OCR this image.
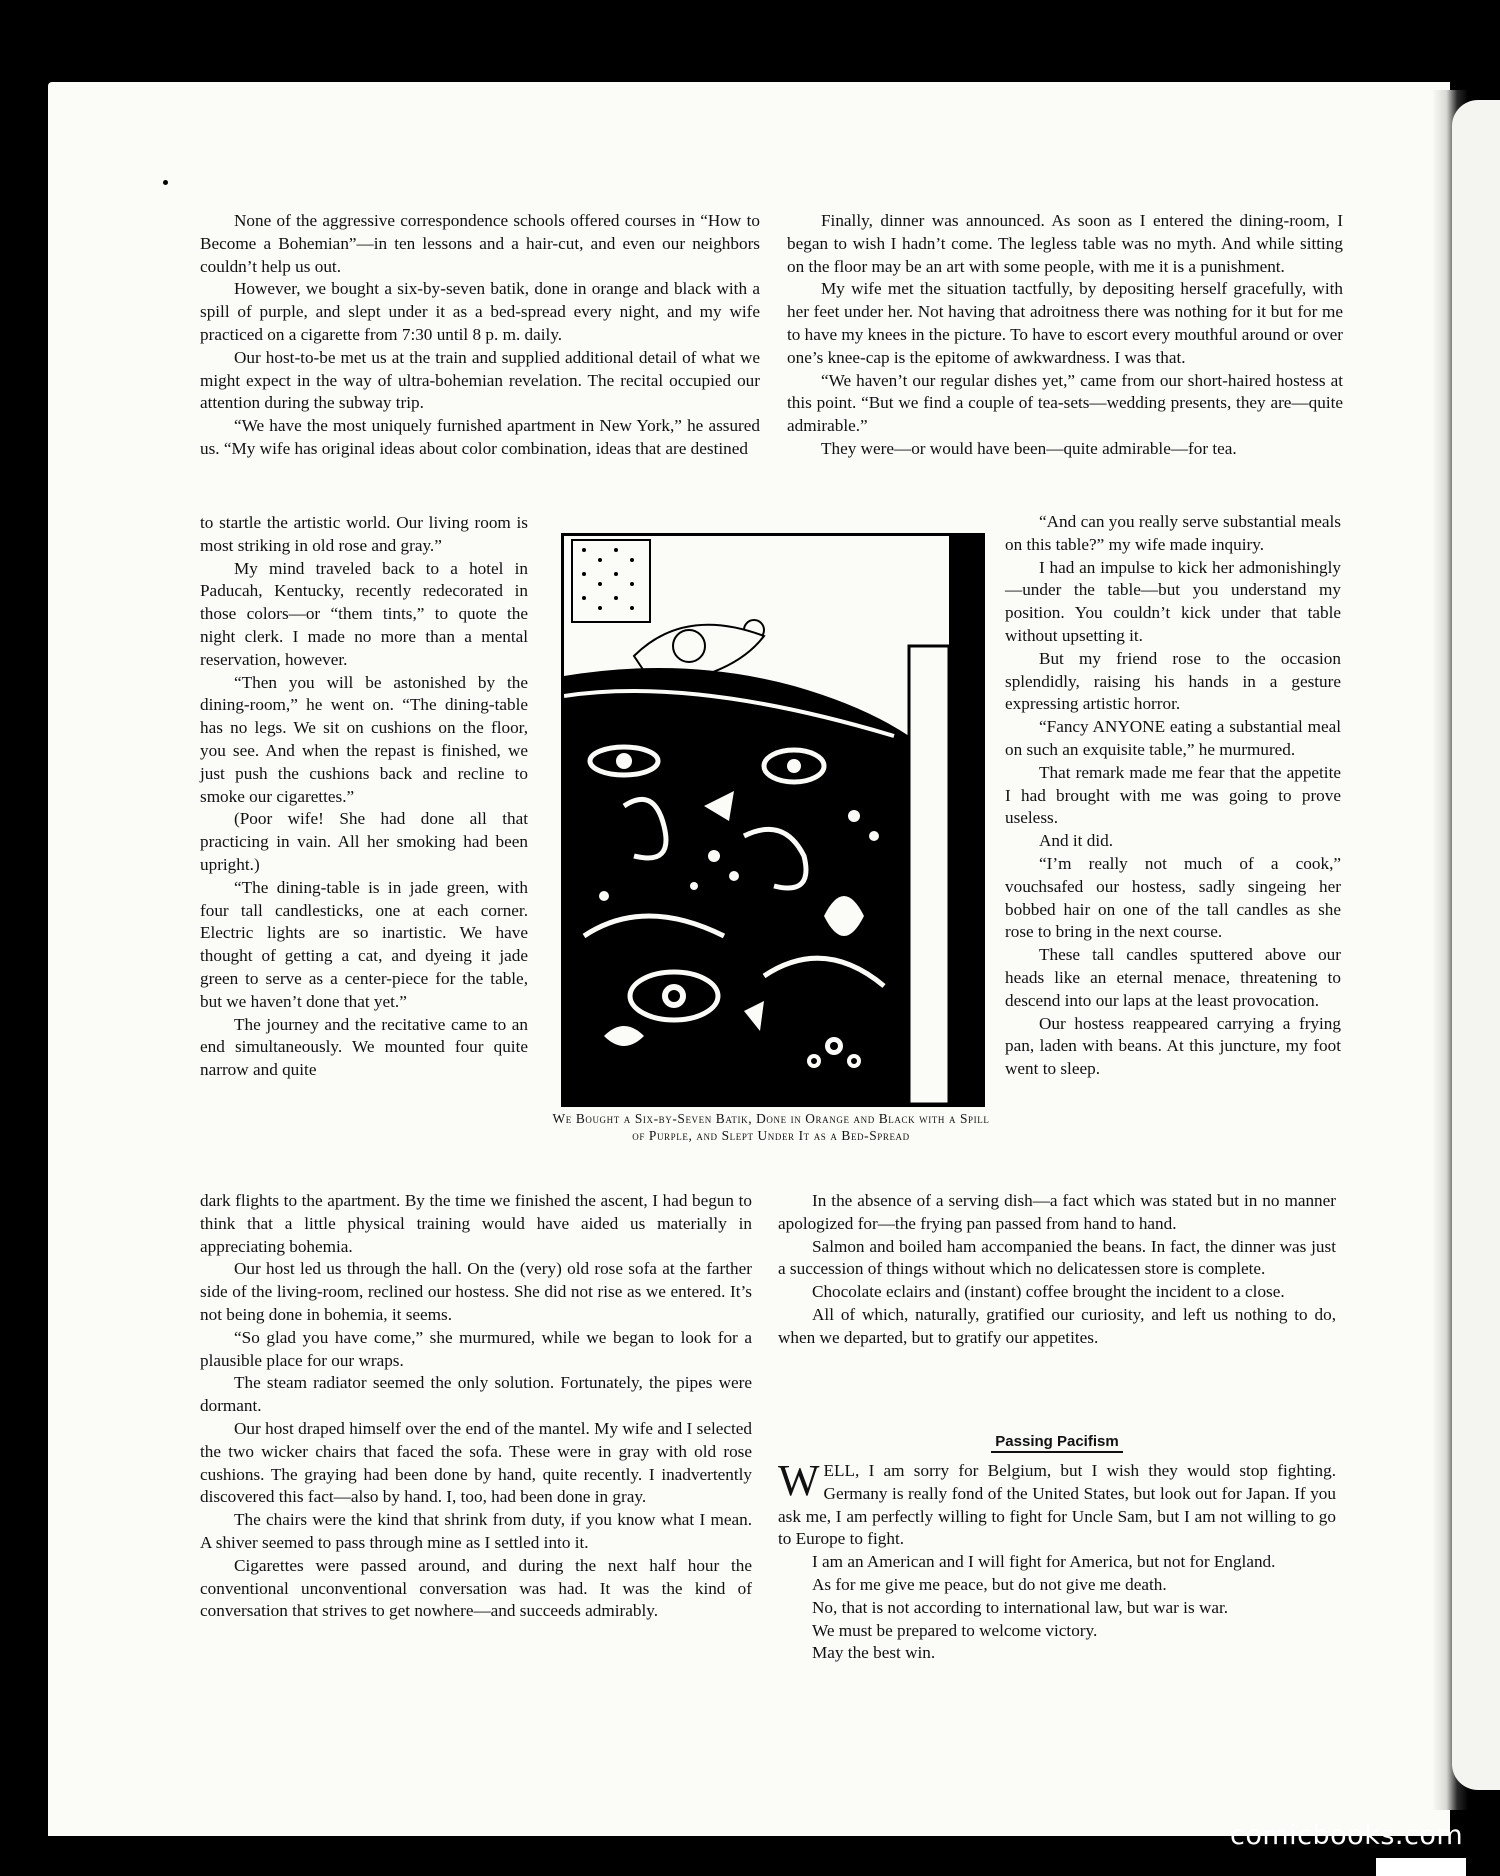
None of the aggressive correspondence schools offered courses in “How to Become a Bohemian”—in ten lessons and a hair-cut, and even our neighbors couldn’t help us out.

However, we bought a six-by-seven batik, done in orange and black with a spill of purple, and slept under it as a bed-spread every night, and my wife practiced on a cigarette from 7:30 until 8 p. m. daily.

Our host-to-be met us at the train and supplied additional detail of what we might expect in the way of ultra-bohemian revelation. The recital occupied our attention during the subway trip.

“We have the most uniquely furnished apartment in New York,” he assured us. “My wife has original ideas about color combination, ideas that are destined

to startle the artistic world. Our living room is most striking in old rose and gray.”

My mind traveled back to a hotel in Paducah, Kentucky, recently redecorated in those colors—or “them tints,” to quote the night clerk. I made no more than a mental reservation, however.

“Then you will be astonished by the dining-room,” he went on. “The dining-table has no legs. We sit on cushions on the floor, you see. And when the repast is finished, we just push the cushions back and recline to smoke our cigarettes.”

(Poor wife! She had done all that practicing in vain. All her smoking had been upright.)

“The dining-table is in jade green, with four tall candlesticks, one at each corner. Electric lights are so inartistic. We have thought of getting a cat, and dyeing it jade green to serve as a center-piece for the table, but we haven’t done that yet.”

The journey and the recitative came to an end simultaneously. We mounted four quite narrow and quite

dark flights to the apartment. By the time we finished the ascent, I had begun to think that a little physical training would have aided us materially in appreciating bohemia.

Our host led us through the hall. On the (very) old rose sofa at the farther side of the living-room, reclined our hostess. She did not rise as we entered. It’s not being done in bohemia, it seems.

“So glad you have come,” she murmured, while we began to look for a plausible place for our wraps.

The steam radiator seemed the only solution. Fortunately, the pipes were dormant.

Our host draped himself over the end of the mantel. My wife and I selected the two wicker chairs that faced the sofa. These were in gray with old rose cushions. The graying had been done by hand, quite recently. I inadvertently discovered this fact—also by hand. I, too, had been done in gray.

The chairs were the kind that shrink from duty, if you know what I mean. A shiver seemed to pass through mine as I settled into it.

Cigarettes were passed around, and during the next half hour the conventional unconventional conversation was had. It was the kind of conversation that strives to get nowhere—and succeeds admirably.

Finally, dinner was announced. As soon as I entered the dining-room, I began to wish I hadn’t come. The legless table was no myth. And while sitting on the floor may be an art with some people, with me it is a punishment.

My wife met the situation tactfully, by depositing herself gracefully, with her feet under her. Not having that adroitness there was nothing for it but for me to have my knees in the picture. To have to escort every mouthful around or over one’s knee-cap is the epitome of awkwardness. I was that.

“We haven’t our regular dishes yet,” came from our short-haired hostess at this point. “But we find a couple of tea-sets—wedding presents, they are—quite admirable.”

They were—or would have been—quite admirable—for tea.

“And can you really serve substantial meals on this table?” my wife made inquiry.

I had an impulse to kick her admonishingly—under the table—but you understand my position. You couldn’t kick under that table without upsetting it.

But my friend rose to the occasion splendidly, raising his hands in a gesture expressing artistic horror.

“Fancy ANYONE eating a substantial meal on such an exquisite table,” he murmured.

That remark made me fear that the appetite I had brought with me was going to prove useless.

And it did.

“I’m really not much of a cook,” vouchsafed our hostess, sadly singeing her bobbed hair on one of the tall candles as she rose to bring in the next course.

These tall candles sputtered above our heads like an eternal menace, threatening to descend into our laps at the least provocation.

Our hostess reappeared carrying a frying pan, laden with beans. At this juncture, my foot went to sleep.

In the absence of a serving dish—a fact which was stated but in no manner apologized for—the frying pan passed from hand to hand.

Salmon and boiled ham accompanied the beans. In fact, the dinner was just a succession of things without which no delicatessen store is complete.

Chocolate eclairs and (instant) coffee brought the incident to a close.

All of which, naturally, gratified our curiosity, and left us nothing to do, when we departed, but to gratify our appetites.

We Bought a Six-by-Seven Batik, Done in Orange and Black with a Spill of Purple, and Slept Under It as a Bed-Spread
Passing Pacifism

WELL, I am sorry for Belgium, but I wish they would stop fighting. Germany is really fond of the United States, but look out for Japan. If you ask me, I am perfectly willing to fight for Uncle Sam, but I am not willing to go to Europe to fight.

I am an American and I will fight for America, but not for England.

As for me give me peace, but do not give me death.

No, that is not according to international law, but war is war.

We must be prepared to welcome victory.

May the best win.

comicbooks.com
